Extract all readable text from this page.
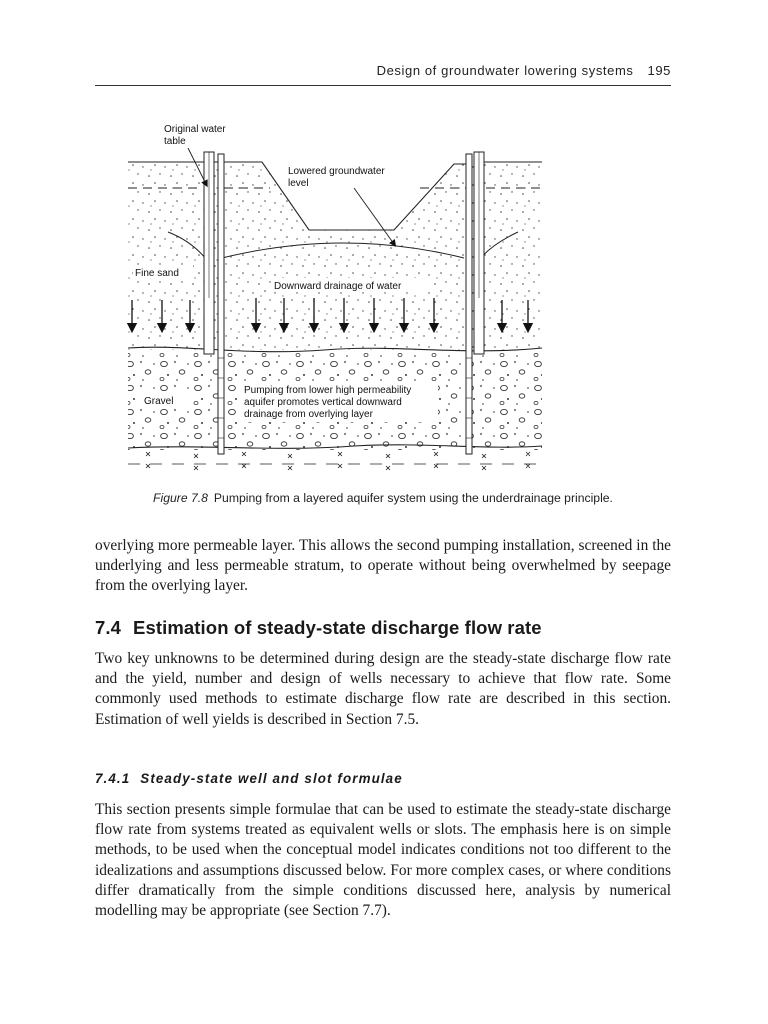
Design of groundwater lowering systems 195
Original water
table
Lowered groundwater
level
Fine sand
Downward drainage of water
Gravel
Pumping from lower high permeability
aquifer promotes vertical downward
drainage from overlying layer
Figure 7.8 Pumping from a layered aquifer system using the underdrainage principle.

overlying more permeable layer. This allows the second pumping installation, screened in the underlying and less permeable stratum, to operate without being overwhelmed by seepage from the overlying layer.

7.4 Estimation of steady-state discharge flow rate

Two key unknowns to be determined during design are the steady-state discharge flow rate and the yield, number and design of wells necessary to achieve that flow rate. Some commonly used methods to estimate discharge flow rate are described in this section. Estimation of well yields is described in Section 7.5.

7.4.1 Steady-state well and slot formulae

This section presents simple formulae that can be used to estimate the steady-state discharge flow rate from systems treated as equivalent wells or slots. The emphasis here is on simple methods, to be used when the conceptual model indicates conditions not too different to the idealizations and assumptions discussed below. For more complex cases, or where conditions differ dramatically from the simple conditions discussed here, analysis by numerical modelling may be appropriate (see Section 7.7).
